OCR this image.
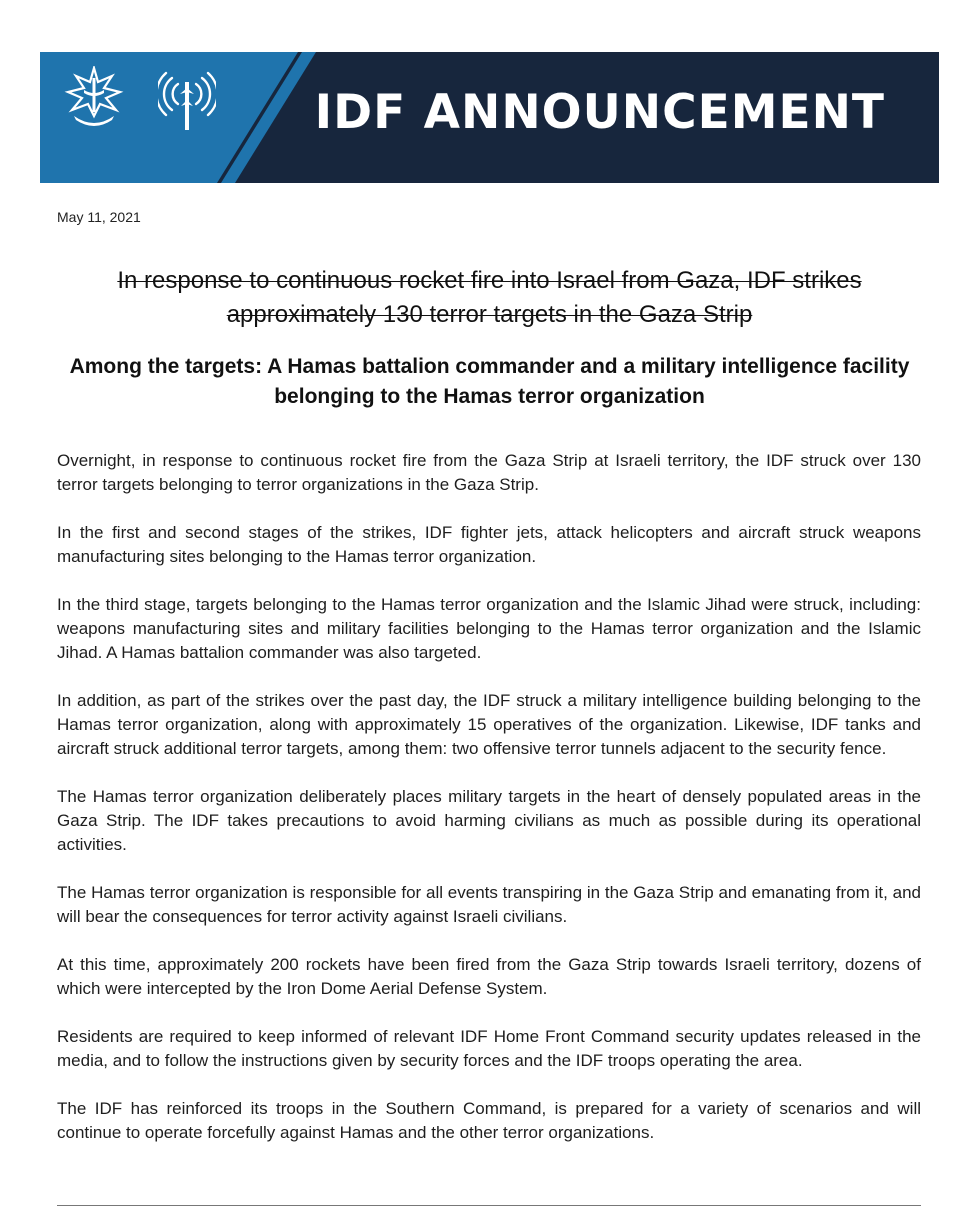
IDF ANNOUNCEMENT
May 11, 2021
In response to continuous rocket fire into Israel from Gaza, IDF strikes approximately 130 terror targets in the Gaza Strip
Among the targets: A Hamas battalion commander and a military intelligence facility belonging to the Hamas terror organization

Overnight, in response to continuous rocket fire from the Gaza Strip at Israeli territory, the IDF struck over 130 terror targets belonging to terror organizations in the Gaza Strip.

In the first and second stages of the strikes, IDF fighter jets, attack helicopters and aircraft struck weapons manufacturing sites belonging to the Hamas terror organization.

In the third stage, targets belonging to the Hamas terror organization and the Islamic Jihad were struck, including: weapons manufacturing sites and military facilities belonging to the Hamas terror organization and the Islamic Jihad. A Hamas battalion commander was also targeted.

In addition, as part of the strikes over the past day, the IDF struck a military intelligence building belonging to the Hamas terror organization, along with approximately 15 operatives of the organization. Likewise, IDF tanks and aircraft struck additional terror targets, among them: two offensive terror tunnels adjacent to the security fence.

The Hamas terror organization deliberately places military targets in the heart of densely populated areas in the Gaza Strip. The IDF takes precautions to avoid harming civilians as much as possible during its operational activities.

The Hamas terror organization is responsible for all events transpiring in the Gaza Strip and emanating from it, and will bear the consequences for terror activity against Israeli civilians.

At this time, approximately 200 rockets have been fired from the Gaza Strip towards Israeli territory, dozens of which were intercepted by the Iron Dome Aerial Defense System.

Residents are required to keep informed of relevant IDF Home Front Command security updates released in the media, and to follow the instructions given by security forces and the IDF troops operating the area.

The IDF has reinforced its troops in the Southern Command, is prepared for a variety of scenarios and will continue to operate forcefully against Hamas and the other terror organizations.
